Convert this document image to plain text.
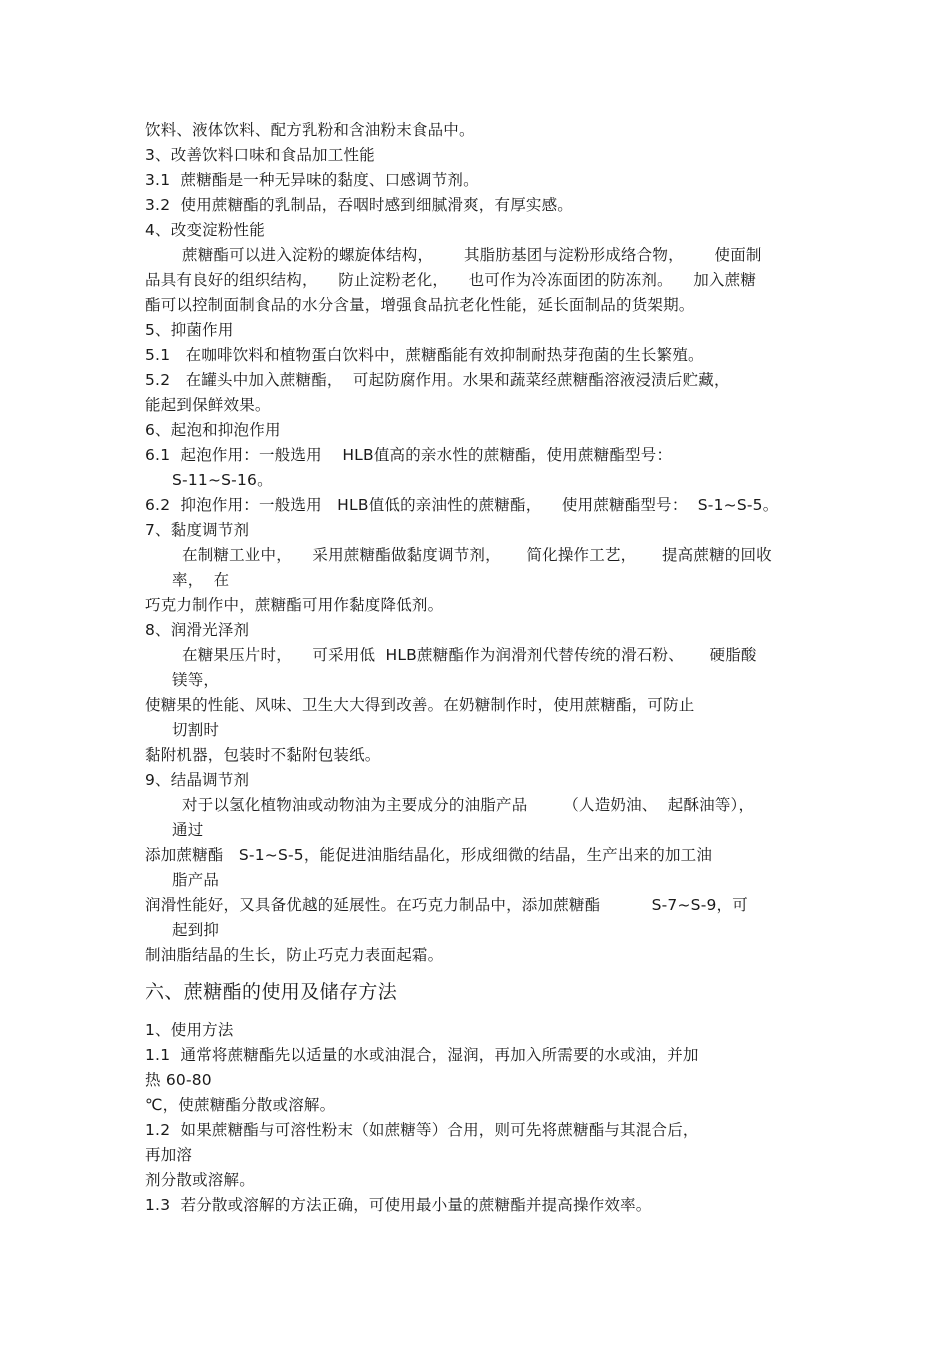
饮料、液体饮料、配方乳粉和含油粉末食品中。
3、改善饮料口味和食品加工性能
3.1  蔗糖酯是一种无异味的黏度、口感调节剂。
3.2  使用蔗糖酯的乳制品，吞咽时感到细腻滑爽，有厚实感。
4、改变淀粉性能
蔗糖酯可以进入淀粉的螺旋体结构，      其脂肪基团与淀粉形成络合物，      使面制
品具有良好的组织结构，    防止淀粉老化，    也可作为冷冻面团的防冻剂。    加入蔗糖
酯可以控制面制食品的水分含量，增强食品抗老化性能，延长面制品的货架期。
5、抑菌作用
5.1   在咖啡饮料和植物蛋白饮料中，蔗糖酯能有效抑制耐热芽孢菌的生长繁殖。
5.2   在罐头中加入蔗糖酯，  可起防腐作用。水果和蔬菜经蔗糖酯溶液浸渍后贮藏，
能起到保鲜效果。
6、起泡和抑泡作用
6.1  起泡作用：一般选用    HLB值高的亲水性的蔗糖酯，使用蔗糖酯型号：
S-11~S-16。
6.2  抑泡作用：一般选用   HLB值低的亲油性的蔗糖酯，    使用蔗糖酯型号：  S-1~S-5。
7、黏度调节剂
在制糖工业中，    采用蔗糖酯做黏度调节剂，     简化操作工艺，     提高蔗糖的回收
率，  在
巧克力制作中，蔗糖酯可用作黏度降低剂。
8、润滑光泽剂
在糖果压片时，    可采用低  HLB蔗糖酯作为润滑剂代替传统的滑石粉、     硬脂酸
镁等，
使糖果的性能、风味、卫生大大得到改善。在奶糖制作时，使用蔗糖酯，可防止
切割时
黏附机器，包装时不黏附包装纸。
9、结晶调节剂
对于以氢化植物油或动物油为主要成分的油脂产品       （人造奶油、  起酥油等），
通过
添加蔗糖酯   S-1~S-5，能促进油脂结晶化，形成细微的结晶，生产出来的加工油
脂产品
润滑性能好，又具备优越的延展性。在巧克力制品中，添加蔗糖酯          S-7~S-9，可
起到抑
制油脂结晶的生长，防止巧克力表面起霜。
六、蔗糖酯的使用及储存方法
1、使用方法
1.1  通常将蔗糖酯先以适量的水或油混合，湿润，再加入所需要的水或油，并加
热 60-80
℃，使蔗糖酯分散或溶解。
1.2  如果蔗糖酯与可溶性粉末（如蔗糖等）合用，则可先将蔗糖酯与其混合后，
再加溶
剂分散或溶解。
1.3  若分散或溶解的方法正确，可使用最小量的蔗糖酯并提高操作效率。
